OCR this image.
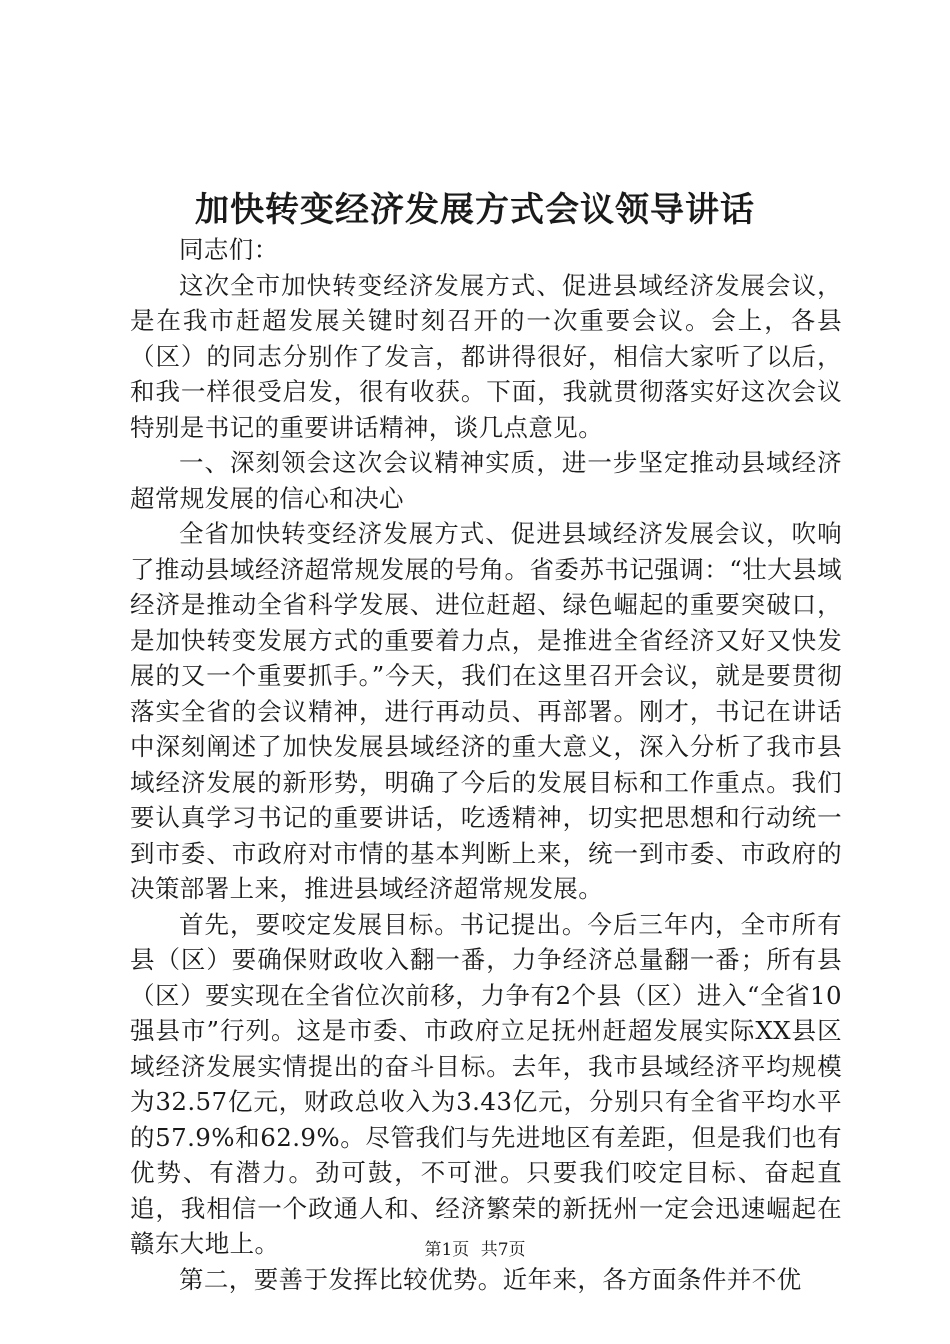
加快转变经济发展方式会议领导讲话

同志们：

这次全市加快转变经济发展方式、促进县域经济发展会议，是在我市赶超发展关键时刻召开的一次重要会议。会上，各县（区）的同志分别作了发言，都讲得很好，相信大家听了以后，和我一样很受启发，很有收获。下面，我就贯彻落实好这次会议特别是书记的重要讲话精神，谈几点意见。

一、深刻领会这次会议精神实质，进一步坚定推动县域经济超常规发展的信心和决心

全省加快转变经济发展方式、促进县域经济发展会议，吹响了推动县域经济超常规发展的号角。省委苏书记强调：“壮大县域经济是推动全省科学发展、进位赶超、绿色崛起的重要突破口，是加快转变发展方式的重要着力点，是推进全省经济又好又快发展的又一个重要抓手。”今天，我们在这里召开会议，就是要贯彻落实全省的会议精神，进行再动员、再部署。刚才，书记在讲话中深刻阐述了加快发展县域经济的重大意义，深入分析了我市县域经济发展的新形势，明确了今后的发展目标和工作重点。我们要认真学习书记的重要讲话，吃透精神，切实把思想和行动统一到市委、市政府对市情的基本判断上来，统一到市委、市政府的决策部署上来，推进县域经济超常规发展。

首先，要咬定发展目标。书记提出。今后三年内，全市所有县（区）要确保财政收入翻一番，力争经济总量翻一番；所有县（区）要实现在全省位次前移，力争有2个县（区）进入“全省10强县市”行列。这是市委、市政府立足抚州赶超发展实际XX县区域经济发展实情提出的奋斗目标。去年，我市县域经济平均规模为32.57亿元，财政总收入为3.43亿元，分别只有全省平均水平的57.9%和62.9%。尽管我们与先进地区有差距，但是我们也有优势、有潜力。劲可鼓，不可泄。只要我们咬定目标、奋起直追，我相信一个政通人和、经济繁荣的新抚州一定会迅速崛起在赣东大地上。

第二，要善于发挥比较优势。近年来，各方面条件并不优

第1页 共7页
